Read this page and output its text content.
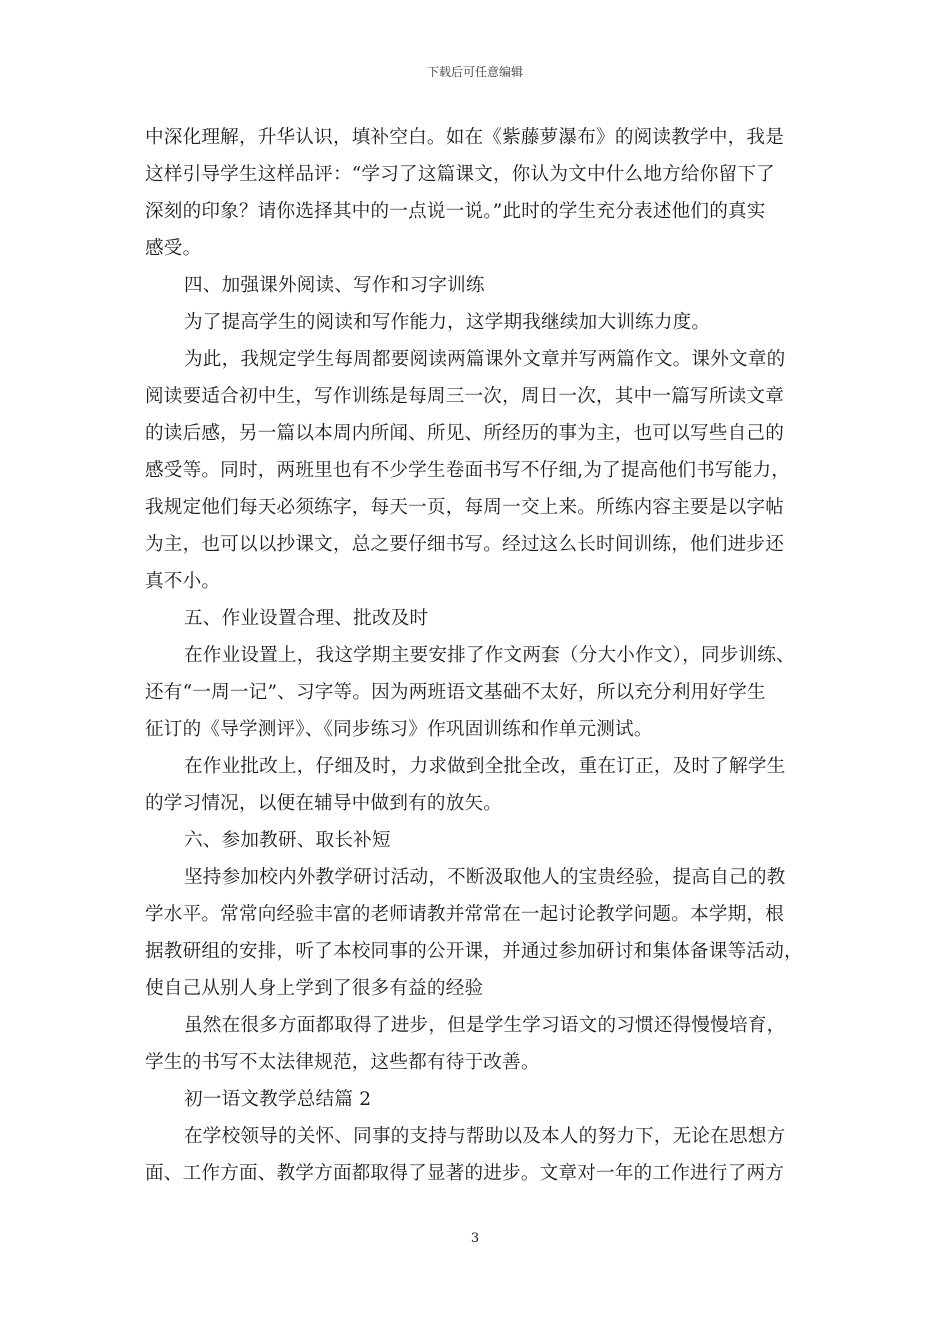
下载后可任意编辑
中深化理解，升华认识，填补空白。如在《紫藤萝瀑布》的阅读教学中，我是
这样引导学生这样品评：“学习了这篇课文，你认为文中什么地方给你留下了
深刻的印象？请你选择其中的一点说一说。”此时的学生充分表述他们的真实
感受。
四、加强课外阅读、写作和习字训练
为了提高学生的阅读和写作能力，这学期我继续加大训练力度。
为此，我规定学生每周都要阅读两篇课外文章并写两篇作文。课外文章的
阅读要适合初中生，写作训练是每周三一次，周日一次，其中一篇写所读文章
的读后感，另一篇以本周内所闻、所见、所经历的事为主，也可以写些自己的
感受等。同时，两班里也有不少学生卷面书写不仔细,为了提高他们书写能力，
我规定他们每天必须练字，每天一页，每周一交上来。所练内容主要是以字帖
为主，也可以以抄课文，总之要仔细书写。经过这么长时间训练，他们进步还
真不小。
五、作业设置合理、批改及时
在作业设置上，我这学期主要安排了作文两套（分大小作文），同步训练、
还有“一周一记”、习字等。因为两班语文基础不太好，所以充分利用好学生
征订的《导学测评》、《同步练习》作巩固训练和作单元测试。
在作业批改上，仔细及时，力求做到全批全改，重在订正，及时了解学生
的学习情况，以便在辅导中做到有的放矢。
六、参加教研、取长补短
坚持参加校内外教学研讨活动，不断汲取他人的宝贵经验，提高自己的教
学水平。常常向经验丰富的老师请教并常常在一起讨论教学问题。本学期，根
据教研组的安排，听了本校同事的公开课，并通过参加研讨和集体备课等活动，
使自己从别人身上学到了很多有益的经验
虽然在很多方面都取得了进步，但是学生学习语文的习惯还得慢慢培育，
学生的书写不太法律规范，这些都有待于改善。
初一语文教学总结篇 2
在学校领导的关怀、同事的支持与帮助以及本人的努力下，无论在思想方
面、工作方面、教学方面都取得了显著的进步。文章对一年的工作进行了两方
3
